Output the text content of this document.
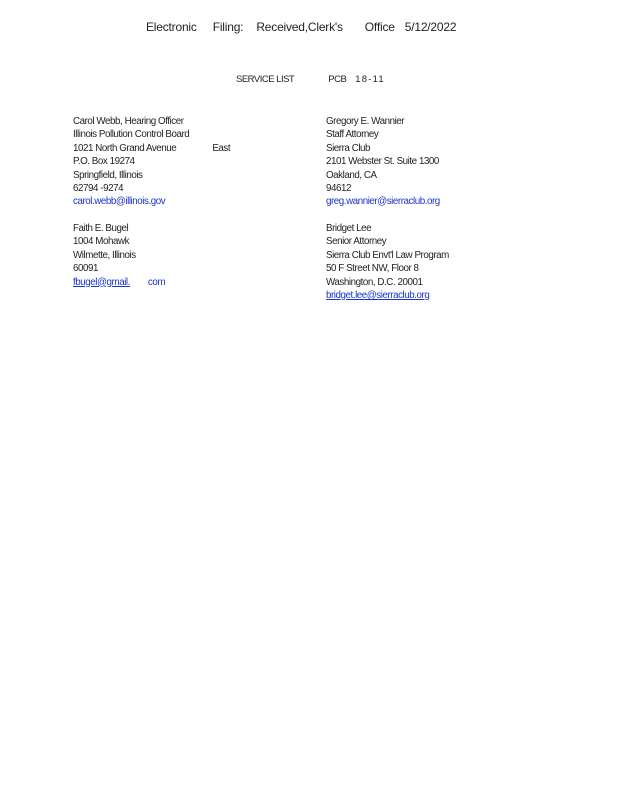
Electronic Filing: Received,Clerk's Office 5/12/2022
SERVICE LIST	PCB 18-11
Carol Webb, Hearing Officer
Illinois Pollution Control Board
1021 North Grand Avenue	East
P.O. Box 19274
Springfield, Illinois
62794 -9274
carol.webb@illinois.gov
Gregory E. Wannier
Staff Attorney
Sierra Club
2101 Webster St. Suite 1300
Oakland, CA
94612
greg.wannier@sierraclub.org
Faith E. Bugel
1004 Mohawk
Wilmette, Illinois
60091
fbugel@gmail. com
Bridget Lee
Senior Attorney
Sierra Club Envt'l Law Program
50 F Street NW, Floor 8
Washington, D.C. 20001
bridget.lee@sierraclub.org
